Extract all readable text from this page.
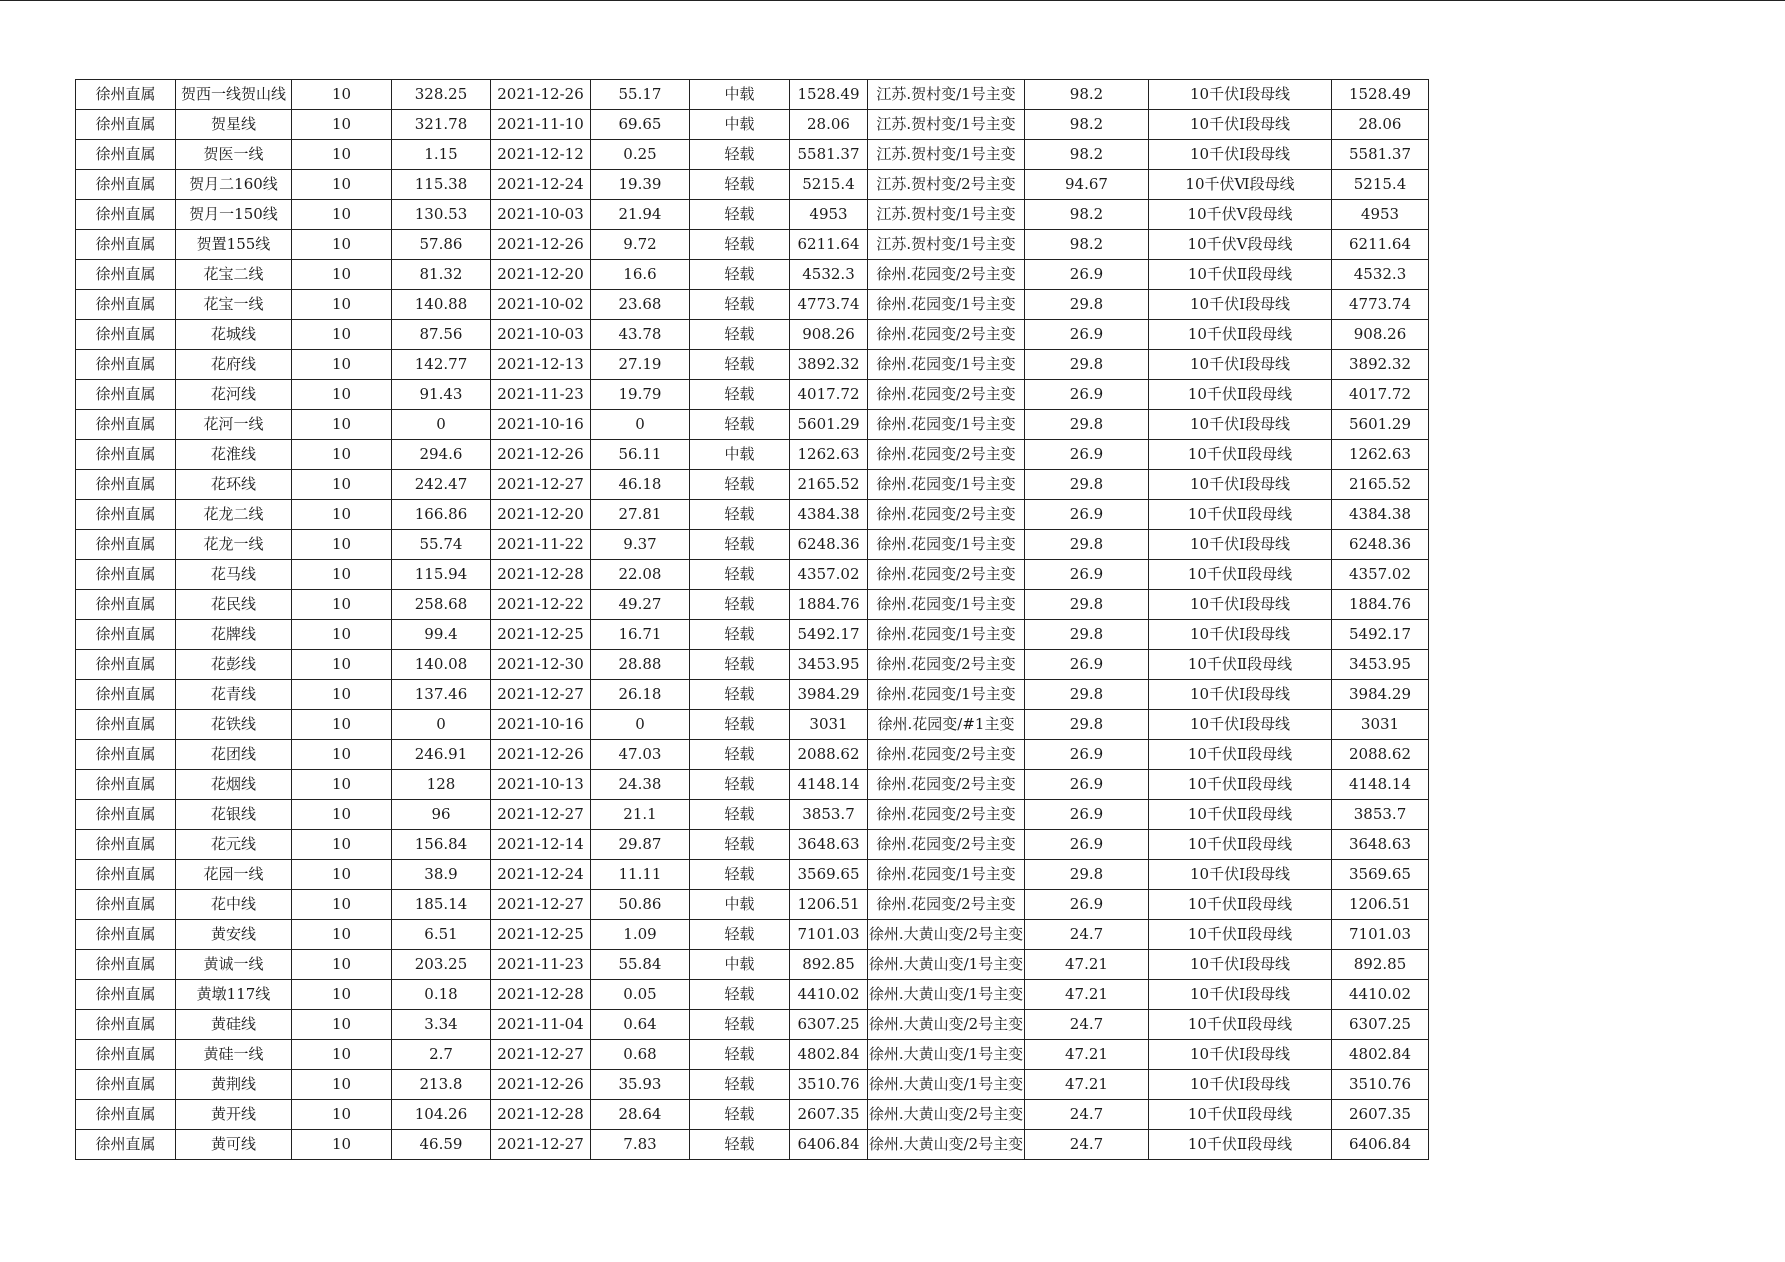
徐州直属	贺西一线贺山线	10	328.25	2021-12-26	55.17	中载	1528.49	江苏.贺村变/1号主变	98.2	10千伏Ⅰ段母线	1528.49
徐州直属	贺星线	10	321.78	2021-11-10	69.65	中载	28.06	江苏.贺村变/1号主变	98.2	10千伏Ⅰ段母线	28.06
徐州直属	贺医一线	10	1.15	2021-12-12	0.25	轻载	5581.37	江苏.贺村变/1号主变	98.2	10千伏Ⅰ段母线	5581.37
徐州直属	贺月二160线	10	115.38	2021-12-24	19.39	轻载	5215.4	江苏.贺村变/2号主变	94.67	10千伏Ⅵ段母线	5215.4
徐州直属	贺月一150线	10	130.53	2021-10-03	21.94	轻载	4953	江苏.贺村变/1号主变	98.2	10千伏Ⅴ段母线	4953
徐州直属	贺置155线	10	57.86	2021-12-26	9.72	轻载	6211.64	江苏.贺村变/1号主变	98.2	10千伏Ⅴ段母线	6211.64
徐州直属	花宝二线	10	81.32	2021-12-20	16.6	轻载	4532.3	徐州.花园变/2号主变	26.9	10千伏Ⅱ段母线	4532.3
徐州直属	花宝一线	10	140.88	2021-10-02	23.68	轻载	4773.74	徐州.花园变/1号主变	29.8	10千伏Ⅰ段母线	4773.74
徐州直属	花城线	10	87.56	2021-10-03	43.78	轻载	908.26	徐州.花园变/2号主变	26.9	10千伏Ⅱ段母线	908.26
徐州直属	花府线	10	142.77	2021-12-13	27.19	轻载	3892.32	徐州.花园变/1号主变	29.8	10千伏Ⅰ段母线	3892.32
徐州直属	花河线	10	91.43	2021-11-23	19.79	轻载	4017.72	徐州.花园变/2号主变	26.9	10千伏Ⅱ段母线	4017.72
徐州直属	花河一线	10	0	2021-10-16	0	轻载	5601.29	徐州.花园变/1号主变	29.8	10千伏Ⅰ段母线	5601.29
徐州直属	花淮线	10	294.6	2021-12-26	56.11	中载	1262.63	徐州.花园变/2号主变	26.9	10千伏Ⅱ段母线	1262.63
徐州直属	花环线	10	242.47	2021-12-27	46.18	轻载	2165.52	徐州.花园变/1号主变	29.8	10千伏Ⅰ段母线	2165.52
徐州直属	花龙二线	10	166.86	2021-12-20	27.81	轻载	4384.38	徐州.花园变/2号主变	26.9	10千伏Ⅱ段母线	4384.38
徐州直属	花龙一线	10	55.74	2021-11-22	9.37	轻载	6248.36	徐州.花园变/1号主变	29.8	10千伏Ⅰ段母线	6248.36
徐州直属	花马线	10	115.94	2021-12-28	22.08	轻载	4357.02	徐州.花园变/2号主变	26.9	10千伏Ⅱ段母线	4357.02
徐州直属	花民线	10	258.68	2021-12-22	49.27	轻载	1884.76	徐州.花园变/1号主变	29.8	10千伏Ⅰ段母线	1884.76
徐州直属	花牌线	10	99.4	2021-12-25	16.71	轻载	5492.17	徐州.花园变/1号主变	29.8	10千伏Ⅰ段母线	5492.17
徐州直属	花彭线	10	140.08	2021-12-30	28.88	轻载	3453.95	徐州.花园变/2号主变	26.9	10千伏Ⅱ段母线	3453.95
徐州直属	花青线	10	137.46	2021-12-27	26.18	轻载	3984.29	徐州.花园变/1号主变	29.8	10千伏Ⅰ段母线	3984.29
徐州直属	花铁线	10	0	2021-10-16	0	轻载	3031	徐州.花园变/#1主变	29.8	10千伏Ⅰ段母线	3031
徐州直属	花团线	10	246.91	2021-12-26	47.03	轻载	2088.62	徐州.花园变/2号主变	26.9	10千伏Ⅱ段母线	2088.62
徐州直属	花烟线	10	128	2021-10-13	24.38	轻载	4148.14	徐州.花园变/2号主变	26.9	10千伏Ⅱ段母线	4148.14
徐州直属	花银线	10	96	2021-12-27	21.1	轻载	3853.7	徐州.花园变/2号主变	26.9	10千伏Ⅱ段母线	3853.7
徐州直属	花元线	10	156.84	2021-12-14	29.87	轻载	3648.63	徐州.花园变/2号主变	26.9	10千伏Ⅱ段母线	3648.63
徐州直属	花园一线	10	38.9	2021-12-24	11.11	轻载	3569.65	徐州.花园变/1号主变	29.8	10千伏Ⅰ段母线	3569.65
徐州直属	花中线	10	185.14	2021-12-27	50.86	中载	1206.51	徐州.花园变/2号主变	26.9	10千伏Ⅱ段母线	1206.51
徐州直属	黄安线	10	6.51	2021-12-25	1.09	轻载	7101.03	徐州.大黄山变/2号主变	24.7	10千伏Ⅱ段母线	7101.03
徐州直属	黄诚一线	10	203.25	2021-11-23	55.84	中载	892.85	徐州.大黄山变/1号主变	47.21	10千伏Ⅰ段母线	892.85
徐州直属	黄墩117线	10	0.18	2021-12-28	0.05	轻载	4410.02	徐州.大黄山变/1号主变	47.21	10千伏Ⅰ段母线	4410.02
徐州直属	黄硅线	10	3.34	2021-11-04	0.64	轻载	6307.25	徐州.大黄山变/2号主变	24.7	10千伏Ⅱ段母线	6307.25
徐州直属	黄硅一线	10	2.7	2021-12-27	0.68	轻载	4802.84	徐州.大黄山变/1号主变	47.21	10千伏Ⅰ段母线	4802.84
徐州直属	黄荆线	10	213.8	2021-12-26	35.93	轻载	3510.76	徐州.大黄山变/1号主变	47.21	10千伏Ⅰ段母线	3510.76
徐州直属	黄开线	10	104.26	2021-12-28	28.64	轻载	2607.35	徐州.大黄山变/2号主变	24.7	10千伏Ⅱ段母线	2607.35
徐州直属	黄可线	10	46.59	2021-12-27	7.83	轻载	6406.84	徐州.大黄山变/2号主变	24.7	10千伏Ⅱ段母线	6406.84
